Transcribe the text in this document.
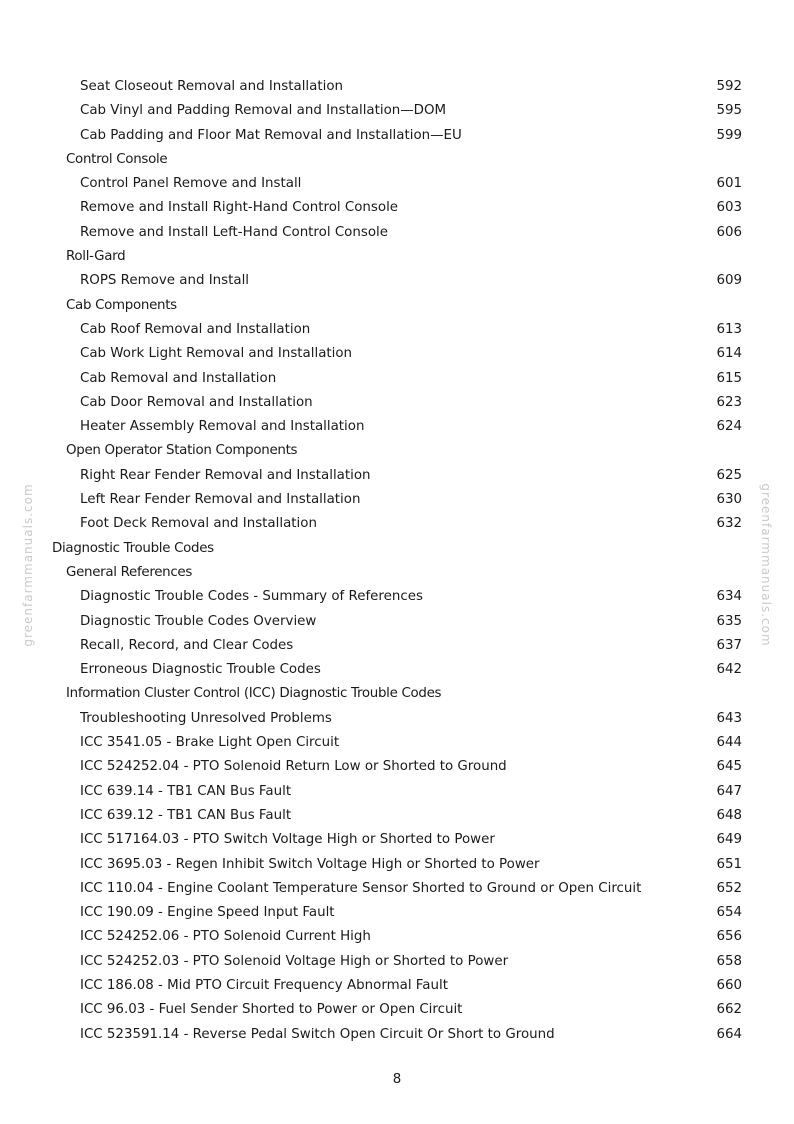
Seat Closeout Removal and Installation	592
Cab Vinyl and Padding Removal and Installation—DOM	595
Cab Padding and Floor Mat Removal and Installation—EU	599
Control Console
Control Panel Remove and Install	601
Remove and Install Right-Hand Control Console	603
Remove and Install Left-Hand Control Console	606
Roll-Gard
ROPS Remove and Install	609
Cab Components
Cab Roof Removal and Installation	613
Cab Work Light Removal and Installation	614
Cab Removal and Installation	615
Cab Door Removal and Installation	623
Heater Assembly Removal and Installation	624
Open Operator Station Components
Right Rear Fender Removal and Installation	625
Left Rear Fender Removal and Installation	630
Foot Deck Removal and Installation	632
Diagnostic Trouble Codes
General References
Diagnostic Trouble Codes - Summary of References	634
Diagnostic Trouble Codes Overview	635
Recall, Record, and Clear Codes	637
Erroneous Diagnostic Trouble Codes	642
Information Cluster Control (ICC) Diagnostic Trouble Codes
Troubleshooting Unresolved Problems	643
ICC 3541.05 - Brake Light Open Circuit	644
ICC 524252.04 - PTO Solenoid Return Low or Shorted to Ground	645
ICC 639.14 - TB1 CAN Bus Fault	647
ICC 639.12 - TB1 CAN Bus Fault	648
ICC 517164.03 - PTO Switch Voltage High or Shorted to Power	649
ICC 3695.03 - Regen Inhibit Switch Voltage High or Shorted to Power	651
ICC 110.04 - Engine Coolant Temperature Sensor Shorted to Ground or Open Circuit	652
ICC 190.09 - Engine Speed Input Fault	654
ICC 524252.06 - PTO Solenoid Current High	656
ICC 524252.03 - PTO Solenoid Voltage High or Shorted to Power	658
ICC 186.08 - Mid PTO Circuit Frequency Abnormal Fault	660
ICC 96.03 - Fuel Sender Shorted to Power or Open Circuit	662
ICC 523591.14 - Reverse Pedal Switch Open Circuit Or Short to Ground	664
greenfarmmanuals.com	greenfarmmanuals.com
8
